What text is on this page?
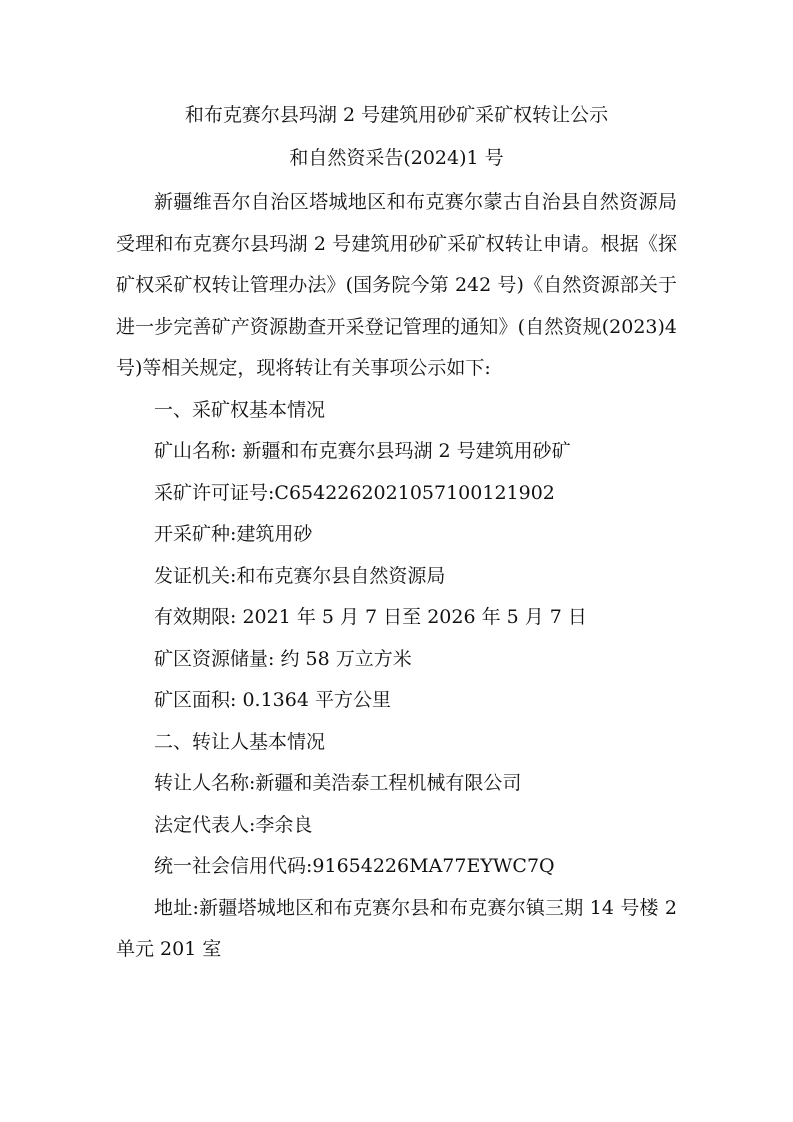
和布克赛尔县玛湖 2 号建筑用砂矿采矿权转让公示

和自然资采告(2024)1 号

新疆维吾尔自治区塔城地区和布克赛尔蒙古自治县自然资源局受理和布克赛尔县玛湖 2 号建筑用砂矿采矿权转让申请。根据《探矿权采矿权转让管理办法》(国务院今第 242 号)《自然资源部关于进一步完善矿产资源勘查开采登记管理的通知》(自然资规(2023)4 号)等相关规定，现将转让有关事项公示如下:

一、采矿权基本情况

矿山名称: 新疆和布克赛尔县玛湖 2 号建筑用砂矿

采矿许可证号:C6542262021057100121902

开采矿种:建筑用砂

发证机关:和布克赛尔县自然资源局

有效期限: 2021 年 5 月 7 日至 2026 年 5 月 7 日

矿区资源储量: 约 58 万立方米

矿区面积: 0.1364 平方公里

二、转让人基本情况

转让人名称:新疆和美浩泰工程机械有限公司

法定代表人:李余良

统一社会信用代码:91654226MA77EYWC7Q

地址:新疆塔城地区和布克赛尔县和布克赛尔镇三期 14 号楼 2 单元 201 室
